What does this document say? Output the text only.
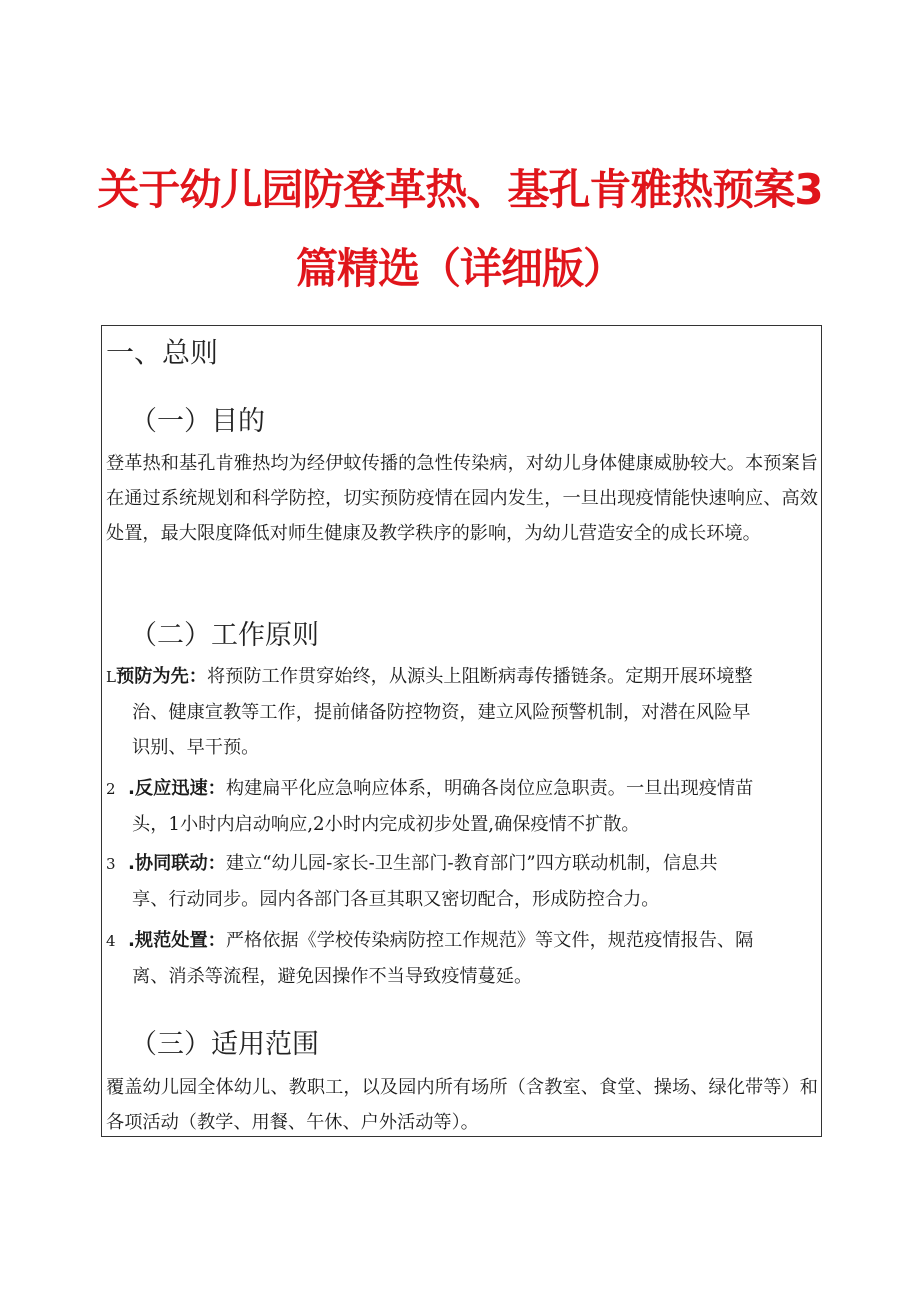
关于幼儿园防登革热、基孔肯雅热预案3
篇精选（详细版）
一、总则
（一）目的

登革热和基孔肯雅热均为经伊蚊传播的急性传染病，对幼儿身体健康威胁较大。本预案旨在通过系统规划和科学防控，切实预防疫情在园内发生，一旦出现疫情能快速响应、高效处置，最大限度降低对师生健康及教学秩序的影响，为幼儿营造安全的成长环境。

（二）工作原则
L预防为先：将预防工作贯穿始终，从源头上阻断病毒传播链条。定期开展环境整
治、健康宣教等工作，提前储备防控物资，建立风险预警机制，对潜在风险早
识别、早干预。
2 .反应迅速：构建扁平化应急响应体系，明确各岗位应急职责。一旦出现疫情苗
头，1小时内启动响应,2小时内完成初步处置,确保疫情不扩散。
3 .协同联动：建立“幼儿园-家长-卫生部门-教育部门”四方联动机制，信息共
享、行动同步。园内各部门各亘其职又密切配合，形成防控合力。
4 .规范处置：严格依据《学校传染病防控工作规范》等文件，规范疫情报告、隔
离、消杀等流程，避免因操作不当导致疫情蔓延。
（三）适用范围

覆盖幼儿园全体幼儿、教职工，以及园内所有场所（含教室、食堂、操场、绿化带等）和各项活动（教学、用餐、午休、户外活动等）。
